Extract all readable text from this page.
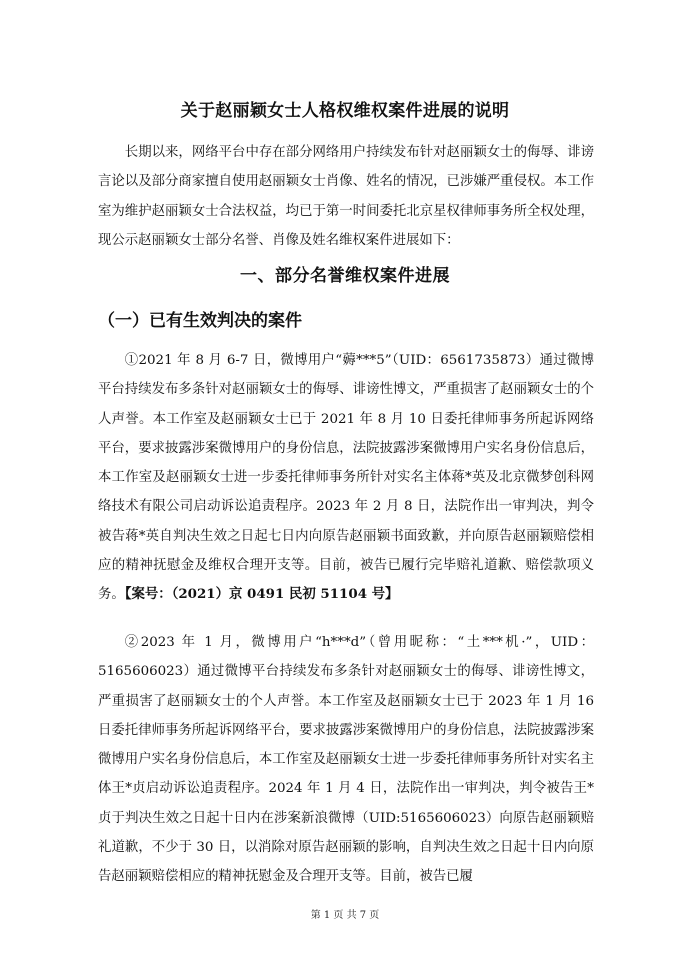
关于赵丽颖女士人格权维权案件进展的说明

长期以来，网络平台中存在部分网络用户持续发布针对赵丽颖女士的侮辱、诽谤言论以及部分商家擅自使用赵丽颖女士肖像、姓名的情况，已涉嫌严重侵权。本工作室为维护赵丽颖女士合法权益，均已于第一时间委托北京星权律师事务所全权处理，现公示赵丽颖女士部分名誉、肖像及姓名维权案件进展如下：

一、部分名誉维权案件进展
（一）已有生效判决的案件

①2021 年 8 月 6-7 日，微博用户“薅***5”（UID：6561735873）通过微博平台持续发布多条针对赵丽颖女士的侮辱、诽谤性博文，严重损害了赵丽颖女士的个人声誉。本工作室及赵丽颖女士已于 2021 年 8 月 10 日委托律师事务所起诉网络平台，要求披露涉案微博用户的身份信息，法院披露涉案微博用户实名身份信息后，本工作室及赵丽颖女士进一步委托律师事务所针对实名主体蒋*英及北京微梦创科网络技术有限公司启动诉讼追责程序。2023 年 2 月 8 日，法院作出一审判决，判令被告蒋*英自判决生效之日起七日内向原告赵丽颖书面致歉，并向原告赵丽颖赔偿相应的精神抚慰金及维权合理开支等。目前，被告已履行完毕赔礼道歉、赔偿款项义务。【案号：（2021）京 0491 民初 51104 号】

②2023 年 1 月，微博用户“h***d”（曾用昵称：“土***机·”，UID：5165606023）通过微博平台持续发布多条针对赵丽颖女士的侮辱、诽谤性博文，严重损害了赵丽颖女士的个人声誉。本工作室及赵丽颖女士已于 2023 年 1 月 16 日委托律师事务所起诉网络平台，要求披露涉案微博用户的身份信息，法院披露涉案微博用户实名身份信息后，本工作室及赵丽颖女士进一步委托律师事务所针对实名主体王*贞启动诉讼追责程序。2024 年 1 月 4 日，法院作出一审判决，判令被告王*贞于判决生效之日起十日内在涉案新浪微博（UID:5165606023）向原告赵丽颖赔礼道歉，不少于 30 日，以消除对原告赵丽颖的影响，自判决生效之日起十日内向原告赵丽颖赔偿相应的精神抚慰金及合理开支等。目前，被告已履

第 1 页 共 7 页
